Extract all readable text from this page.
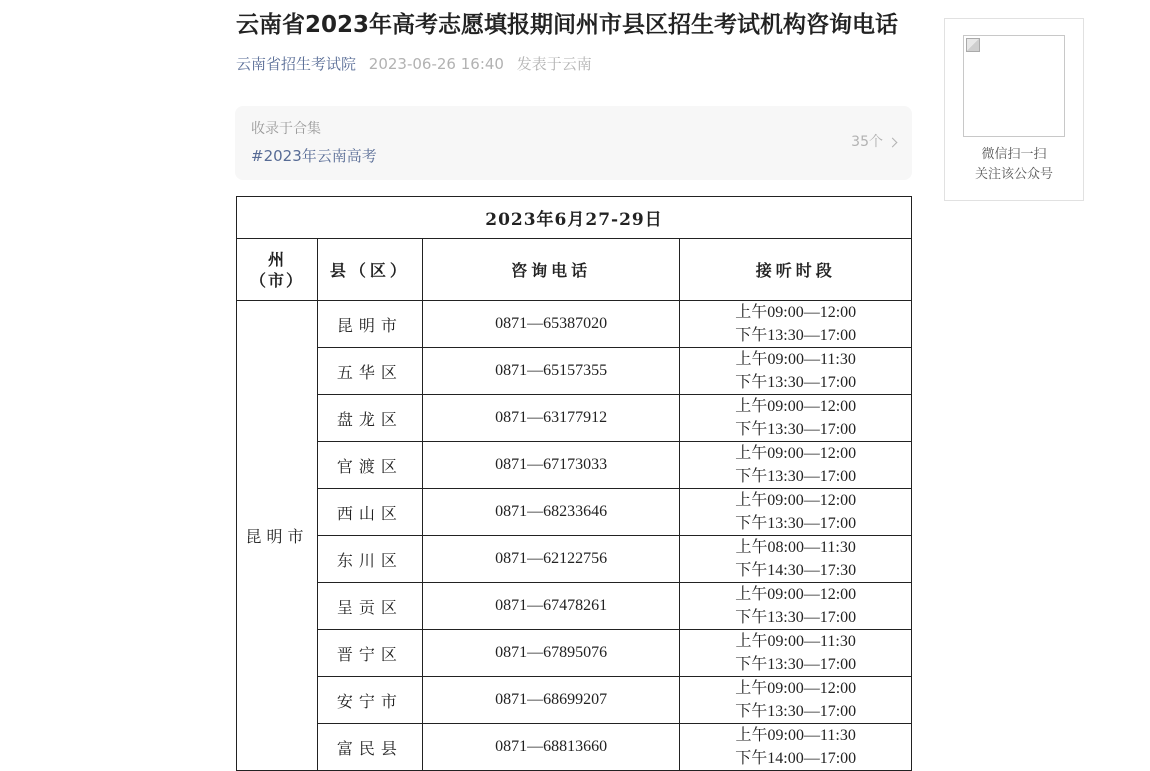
云南省2023年高考志愿填报期间州市县区招生考试机构咨询电话
云南省招生考试院 2023-06-26 16:40 发表于云南
收录于合集
#2023年云南高考
35个
微信扫一扫
关注该公众号
2023年6月27-29日			
州
（市）	县（区）	咨询电话	接听时段
昆明市	昆明市	0871—65387020	上午09:00—12:00
下午13:30—17:00

	五华区	0871—65157355	上午09:00—11:30
下午13:30—17:00

	盘龙区	0871—63177912	上午09:00—12:00
下午13:30—17:00

	官渡区	0871—67173033	上午09:00—12:00
下午13:30—17:00

	西山区	0871—68233646	上午09:00—12:00
下午13:30—17:00

	东川区	0871—62122756	上午08:00—11:30
下午14:30—17:30

	呈贡区	0871—67478261	上午09:00—12:00
下午13:30—17:00

	晋宁区	0871—67895076	上午09:00—11:30
下午13:30—17:00

	安宁市	0871—68699207	上午09:00—12:00
下午13:30—17:00

	富民县	0871—68813660	上午09:00—11:30
下午14:00—17:00
